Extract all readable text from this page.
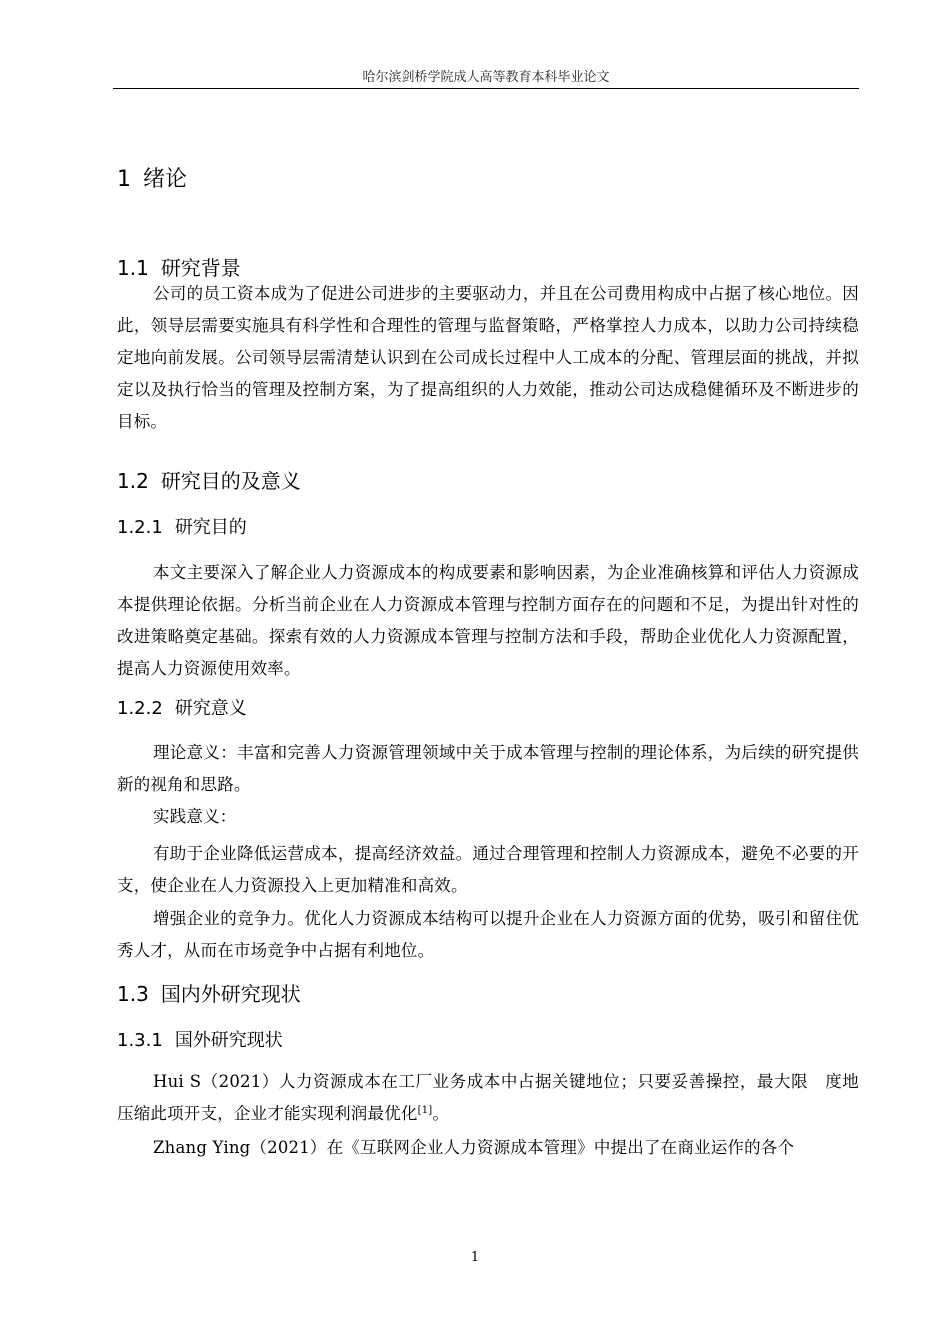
哈尔滨剑桥学院成人高等教育本科毕业论文
1 绪论
1.1 研究背景

公司的员工资本成为了促进公司进步的主要驱动力，并且在公司费用构成中占据了核心地位。因此，领导层需要实施具有科学性和合理性的管理与监督策略，严格掌控人力成本，以助力公司持续稳定地向前发展。公司领导层需清楚认识到在公司成长过程中人工成本的分配、管理层面的挑战，并拟定以及执行恰当的管理及控制方案，为了提高组织的人力效能，推动公司达成稳健循环及不断进步的目标。

1.2 研究目的及意义
1.2.1 研究目的

本文主要深入了解企业人力资源成本的构成要素和影响因素，为企业准确核算和评估人力资源成本提供理论依据。分析当前企业在人力资源成本管理与控制方面存在的问题和不足，为提出针对性的改进策略奠定基础。探索有效的人力资源成本管理与控制方法和手段，帮助企业优化人力资源配置，提高人力资源使用效率。

1.2.2 研究意义

理论意义：丰富和完善人力资源管理领域中关于成本管理与控制的理论体系，为后续的研究提供新的视角和思路。

实践意义：

有助于企业降低运营成本，提高经济效益。通过合理管理和控制人力资源成本，避免不必要的开支，使企业在人力资源投入上更加精准和高效。

增强企业的竞争力。优化人力资源成本结构可以提升企业在人力资源方面的优势，吸引和留住优秀人才，从而在市场竞争中占据有利地位。

1.3 国内外研究现状
1.3.1 国外研究现状

Hui S（2021）人力资源成本在工厂业务成本中占据关键地位；只要妥善操控，最大限　度地压缩此项开支，企业才能实现利润最优化[1]。

Zhang Ying（2021）在《互联网企业人力资源成本管理》中提出了在商业运作的各个

1
